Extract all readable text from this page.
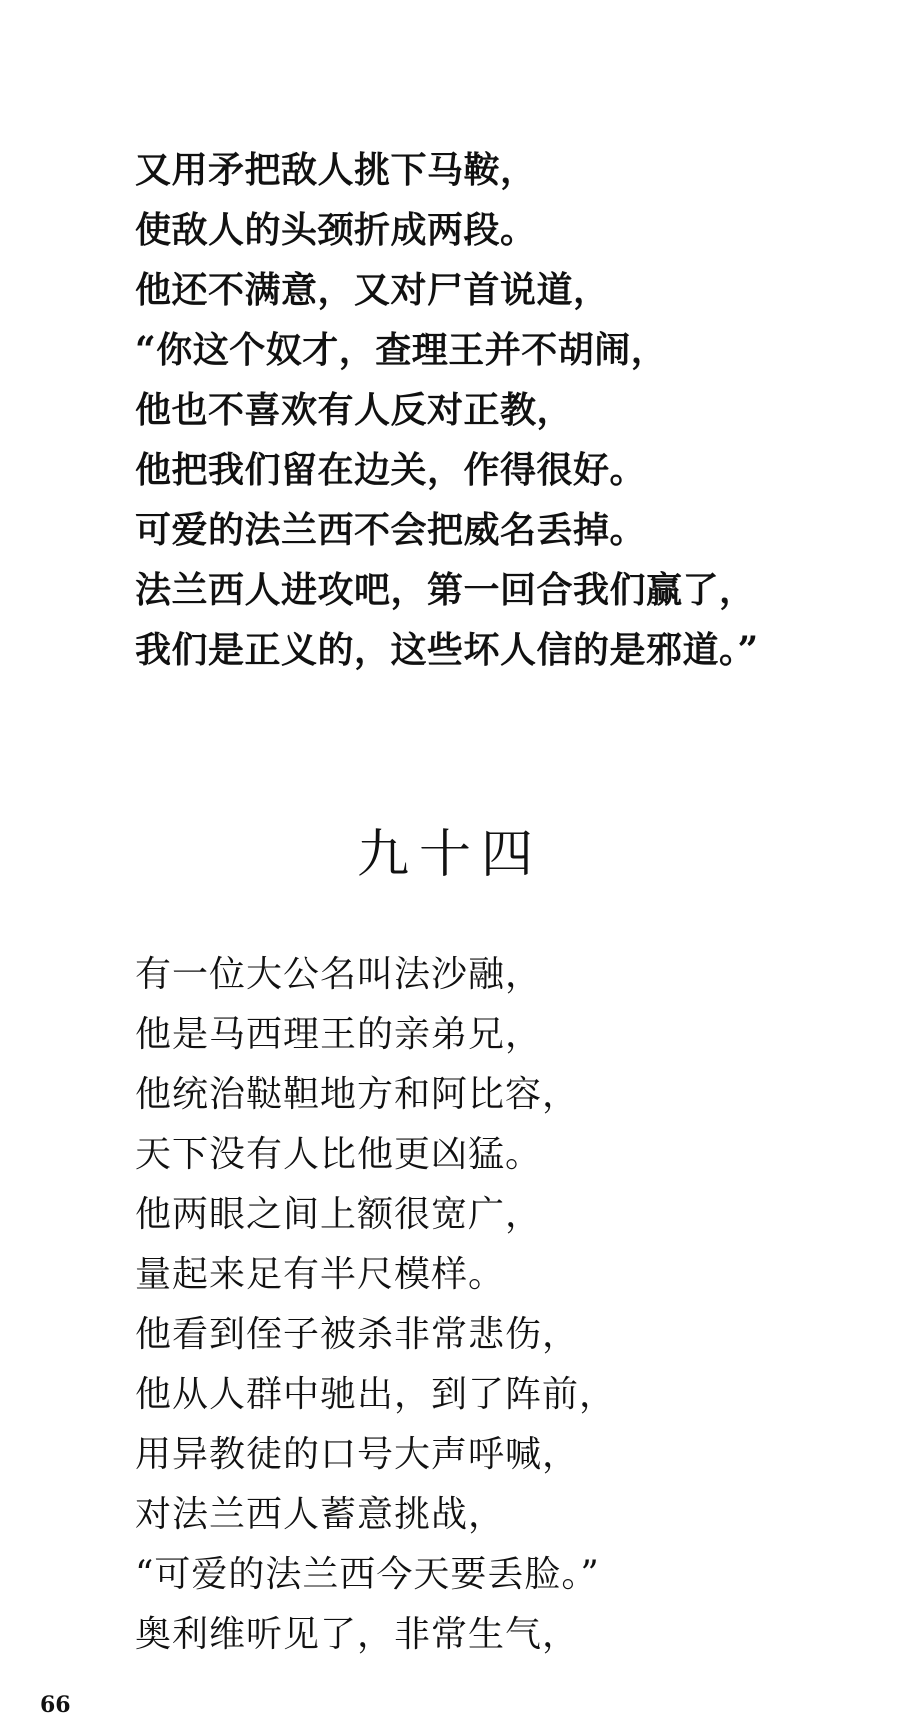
又用矛把敌人挑下马鞍，
使敌人的头颈折成两段。
他还不满意，又对尸首说道，
“你这个奴才，查理王并不胡闹，
他也不喜欢有人反对正教，
他把我们留在边关，作得很好。
可爱的法兰西不会把威名丢掉。
法兰西人进攻吧，第一回合我们赢了，
我们是正义的，这些坏人信的是邪道。”
九十四
有一位大公名叫法沙融，
他是马西理王的亲弟兄，
他统治鞑靼地方和阿比容，
天下没有人比他更凶猛。
他两眼之间上额很宽广，
量起来足有半尺模样。
他看到侄子被杀非常悲伤，
他从人群中驰出，到了阵前，
用异教徒的口号大声呼喊，
对法兰西人蓄意挑战，
“可爱的法兰西今天要丢脸。”
奥利维听见了，非常生气，
66
